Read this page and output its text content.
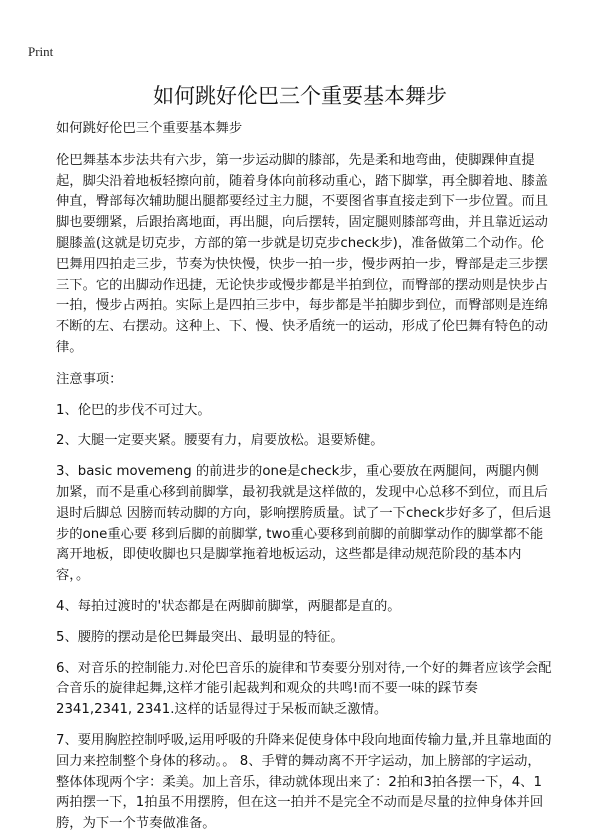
Print
如何跳好伦巴三个重要基本舞步

如何跳好伦巴三个重要基本舞步

伦巴舞基本步法共有六步，第一步运动脚的膝部，先是柔和地弯曲，使脚踝伸直提起，脚尖沿着地板轻擦向前，随着身体向前移动重心，踏下脚掌，再全脚着地、膝盖伸直，臀部每次辅助腿出腿都要经过主力腿，不要图省事直接走到下一步位置。而且脚也要绷紧，后跟抬离地面，再出腿，向后摆转，固定腿则膝部弯曲，并且靠近运动腿膝盖(这就是切克步，方部的第一步就是切克步check步)，准备做第二个动作。伦巴舞用四拍走三步，节奏为快快慢，快步一拍一步，慢步两拍一步，臀部是走三步摆三下。它的出脚动作迅捷，无论快步或慢步都是半拍到位，而臀部的摆动则是快步占一拍，慢步占两拍。实际上是四拍三步中，每步都是半拍脚步到位，而臀部则是连绵不断的左、右摆动。这种上、下、慢、快矛盾统一的运动，形成了伦巴舞有特色的动律。

注意事项：

1、伦巴的步伐不可过大。

2、大腿一定要夹紧。腰要有力，肩要放松。退要矫健。

3、basic movemeng 的前进步的one是check步，重心要放在两腿间，两腿内侧加紧，而不是重心移到前脚掌，最初我就是这样做的，发现中心总移不到位，而且后退时后脚总 因膀而转动脚的方向，影响摆胯质量。试了一下check步好多了，但后退步的one重心要 移到后脚的前脚掌, two重心要移到前脚的前脚掌动作的脚掌都不能离开地板，即使收脚也只是脚掌拖着地板运动，这些都是律动规范阶段的基本内容，。

4、每拍过渡时的'状态都是在两脚前脚掌，两腿都是直的。

5、腰胯的摆动是伦巴舞最突出、最明显的特征。

6、对音乐的控制能力.对伦巴音乐的旋律和节奏要分别对待,一个好的舞者应该学会配合音乐的旋律起舞,这样才能引起裁判和观众的共鸣!而不要一味的踩节奏2341,2341, 2341.这样的话显得过于呆板而缺乏激情。

7、要用胸腔控制呼吸,运用呼吸的升降来促使身体中段向地面传输力量,并且靠地面的回力来控制整个身体的移动。。 8、手臂的舞动离不开字运动，加上膀部的字运动，整体体现两个字：柔美。加上音乐，律动就体现出来了：2拍和3拍各摆一下，4、1两拍摆一下，1拍虽不用摆胯，但在这一拍并不是完全不动而是尽量的拉伸身体并回胯，为下一个节奏做准备。
